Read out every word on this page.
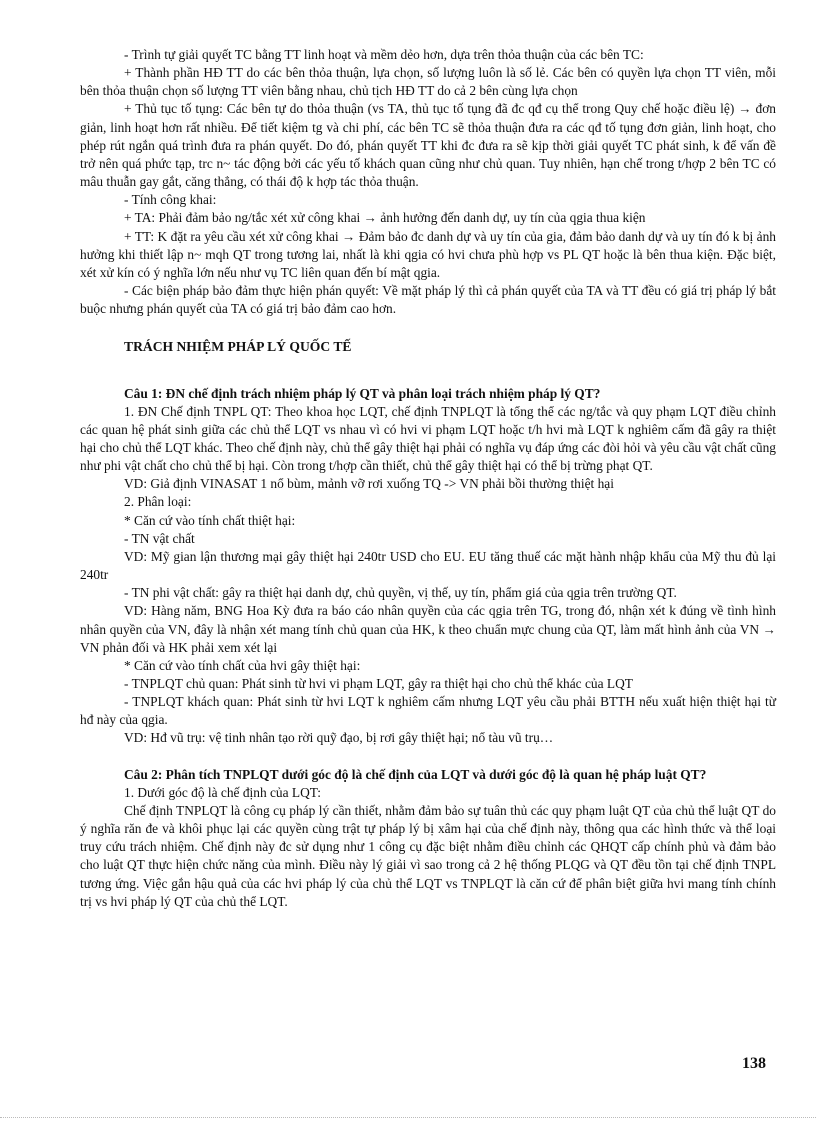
- Trình tự giải quyết TC bằng TT linh hoạt và mềm dẻo hơn, dựa trên thỏa thuận của các bên TC:

+ Thành phần HĐ TT do các bên thỏa thuận, lựa chọn, số lượng luôn là số lẻ. Các bên có quyền lựa chọn TT viên, mỗi bên thỏa thuận chọn số lượng TT viên bằng nhau, chủ tịch HĐ TT do cả 2 bên cùng lựa chọn

+ Thủ tục tố tụng: Các bên tự do thỏa thuận (vs TA, thủ tục tố tụng đã đc qđ cụ thể trong Quy chế hoặc điều lệ) → đơn giản, linh hoạt hơn rất nhiều. Để tiết kiệm tg và chi phí, các bên TC sẽ thỏa thuận đưa ra các qđ tố tụng đơn giản, linh hoạt, cho phép rút ngắn quá trình đưa ra phán quyết. Do đó, phán quyết TT khi đc đưa ra sẽ kịp thời giải quyết TC phát sinh, k để vấn đề trở nên quá phức tạp, trc n~ tác động bởi các yếu tố khách quan cũng như chủ quan. Tuy nhiên, hạn chế trong t/hợp 2 bên TC có mâu thuẫn gay gắt, căng thẳng, có thái độ k hợp tác thỏa thuận.

- Tính công khai:

+ TA: Phải đảm bảo ng/tắc xét xử công khai → ảnh hưởng đến danh dự, uy tín của qgia thua kiện

+ TT: K đặt ra yêu cầu xét xử công khai → Đảm bảo đc danh dự và uy tín của gia, đảm bảo danh dự và uy tín đó k bị ảnh hưởng khi thiết lập n~ mqh QT trong tương lai, nhất là khi qgia có hvi chưa phù hợp vs PL QT hoặc là bên thua kiện. Đặc biệt, xét xử kín có ý nghĩa lớn nếu như vụ TC liên quan đến bí mật qgia.

- Các biện pháp bảo đảm thực hiện phán quyết: Về mặt pháp lý thì cả phán quyết của TA và TT đều có giá trị pháp lý bắt buộc nhưng phán quyết của TA có giá trị bảo đảm cao hơn.

TRÁCH NHIỆM PHÁP LÝ QUỐC TẾ

Câu 1: ĐN chế định trách nhiệm pháp lý QT và phân loại trách nhiệm pháp lý QT?

1. ĐN Chế định TNPL QT: Theo khoa học LQT, chế định TNPLQT là tổng thể các ng/tắc và quy phạm LQT điều chỉnh các quan hệ phát sinh giữa các chủ thể LQT vs nhau vì có hvi vi phạm LQT hoặc t/h hvi mà LQT k nghiêm cấm đã gây ra thiệt hại cho chủ thể LQT khác. Theo chế định này, chủ thể gây thiệt hại phải có nghĩa vụ đáp ứng các đòi hỏi và yêu cầu vật chất cũng như phi vật chất cho chủ thể bị hại. Còn trong t/hợp cần thiết, chủ thể gây thiệt hại có thể bị trừng phạt QT.

VD: Giả định VINASAT 1 nổ bùm, mảnh vỡ rơi xuống TQ -> VN phải bồi thường thiệt hại

2. Phân loại:

* Căn cứ vào tính chất thiệt hại:

- TN vật chất

VD: Mỹ gian lận thương mại gây thiệt hại 240tr USD cho EU. EU tăng thuế các mặt hành nhập khẩu của Mỹ thu đủ lại 240tr

- TN phi vật chất: gây ra thiệt hại danh dự, chủ quyền, vị thế, uy tín, phẩm giá của qgia trên trường QT.

VD: Hàng năm, BNG Hoa Kỳ đưa ra báo cáo nhân quyền của các qgia trên TG, trong đó, nhận xét k đúng về tình hình nhân quyền của VN, đây là nhận xét mang tính chủ quan của HK, k theo chuẩn mực chung của QT, làm mất hình ảnh của VN → VN phản đối và HK phải xem xét lại

* Căn cứ vào tính chất của hvi gây thiệt hại:

- TNPLQT chủ quan: Phát sinh từ hvi vi phạm LQT, gây ra thiệt hại cho chủ thể khác của LQT

- TNPLQT khách quan: Phát sinh từ hvi LQT k nghiêm cấm nhưng LQT yêu cầu phải BTTH nếu xuất hiện thiệt hại từ hđ này của qgia.

VD: Hđ vũ trụ: vệ tinh nhân tạo rời quỹ đạo, bị rơi gây thiệt hại; nổ tàu vũ trụ…

Câu 2: Phân tích TNPLQT dưới góc độ là chế định của LQT và dưới góc độ là quan hệ pháp luật QT?

1. Dưới góc độ là chế định của LQT:

Chế định TNPLQT là công cụ pháp lý cần thiết, nhằm đảm bảo sự tuân thủ các quy phạm luật QT của chủ thể luật QT do ý nghĩa răn đe và khôi phục lại các quyền cùng trật tự pháp lý bị xâm hại của chế định này, thông qua các hình thức và thể loại truy cứu trách nhiệm. Chế định này đc sử dụng như 1 công cụ đặc biệt nhằm điều chỉnh các QHQT cấp chính phủ và đảm bảo cho luật QT thực hiện chức năng của mình. Điều này lý giải vì sao trong cả 2 hệ thống PLQG và QT đều tồn tại chế định TNPL tương ứng. Việc gắn hậu quả của các hvi pháp lý của chủ thể LQT vs TNPLQT là căn cứ để phân biệt giữa hvi mang tính chính trị vs hvi pháp lý QT của chủ thể LQT.

138
